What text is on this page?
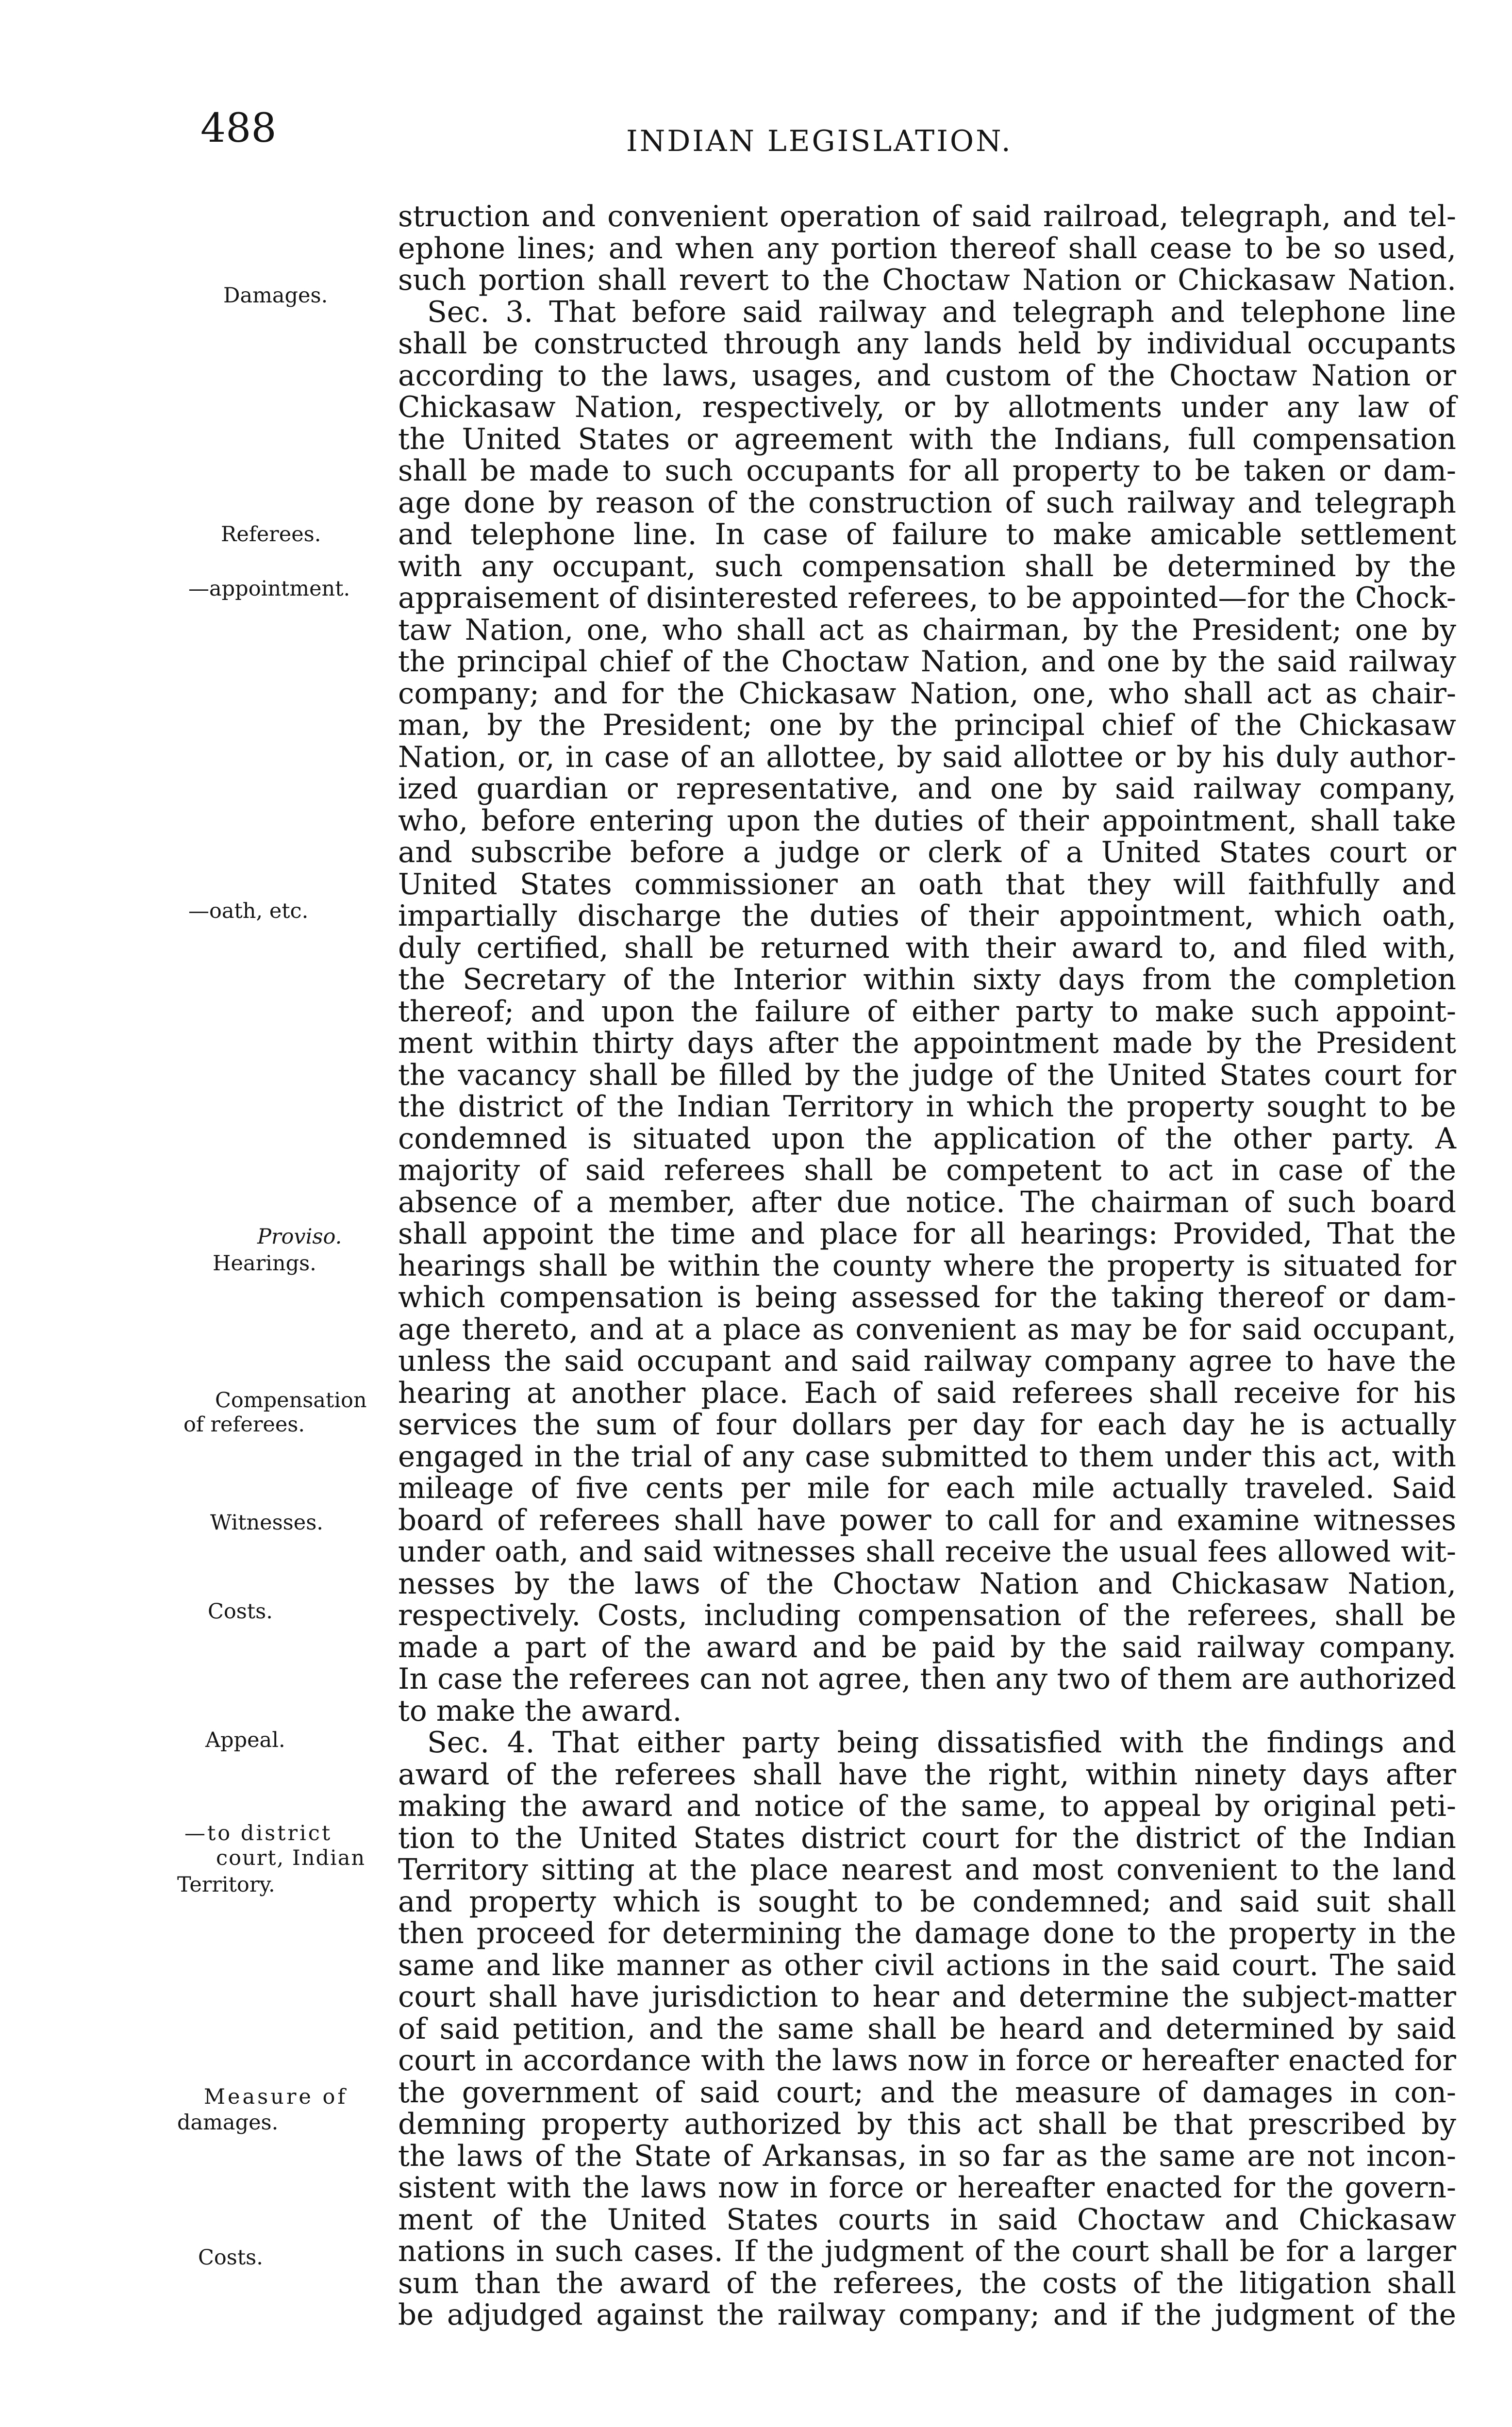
488	INDIAN LEGISLATION.
Damages.
Referees.
—appointment.
—oath, etc.
Proviso.
Hearings.
Compensation
of referees.
Witnesses.
Costs.
Appeal.
—to district
court, Indian
Territory.
Measure of
damages.
Costs.
struction and convenient operation of said railroad, telegraph, and tel-
ephone lines; and when any portion thereof shall cease to be so used,
such portion shall revert to the Choctaw Nation or Chickasaw Nation.
Sec. 3. That before said railway and telegraph and telephone line
shall be constructed through any lands held by individual occupants
according to the laws, usages, and custom of the Choctaw Nation or
Chickasaw Nation, respectively, or by allotments under any law of
the United States or agreement with the Indians, full compensation
shall be made to such occupants for all property to be taken or dam-
age done by reason of the construction of such railway and telegraph
and telephone line. In case of failure to make amicable settlement
with any occupant, such compensation shall be determined by the
appraisement of disinterested referees, to be appointed—for the Chock-
taw Nation, one, who shall act as chairman, by the President; one by
the principal chief of the Choctaw Nation, and one by the said railway
company; and for the Chickasaw Nation, one, who shall act as chair-
man, by the President; one by the principal chief of the Chickasaw
Nation, or, in case of an allottee, by said allottee or by his duly author-
ized guardian or representative, and one by said railway company,
who, before entering upon the duties of their appointment, shall take
and subscribe before a judge or clerk of a United States court or
United States commissioner an oath that they will faithfully and
impartially discharge the duties of their appointment, which oath,
duly certified, shall be returned with their award to, and filed with,
the Secretary of the Interior within sixty days from the completion
thereof; and upon the failure of either party to make such appoint-
ment within thirty days after the appointment made by the President
the vacancy shall be filled by the judge of the United States court for
the district of the Indian Territory in which the property sought to be
condemned is situated upon the application of the other party. A
majority of said referees shall be competent to act in case of the
absence of a member, after due notice. The chairman of such board
shall appoint the time and place for all hearings: Provided, That the
hearings shall be within the county where the property is situated for
which compensation is being assessed for the taking thereof or dam-
age thereto, and at a place as convenient as may be for said occupant,
unless the said occupant and said railway company agree to have the
hearing at another place. Each of said referees shall receive for his
services the sum of four dollars per day for each day he is actually
engaged in the trial of any case submitted to them under this act, with
mileage of five cents per mile for each mile actually traveled. Said
board of referees shall have power to call for and examine witnesses
under oath, and said witnesses shall receive the usual fees allowed wit-
nesses by the laws of the Choctaw Nation and Chickasaw Nation,
respectively. Costs, including compensation of the referees, shall be
made a part of the award and be paid by the said railway company.
In case the referees can not agree, then any two of them are authorized
to make the award.
Sec. 4. That either party being dissatisfied with the findings and
award of the referees shall have the right, within ninety days after
making the award and notice of the same, to appeal by original peti-
tion to the United States district court for the district of the Indian
Territory sitting at the place nearest and most convenient to the land
and property which is sought to be condemned; and said suit shall
then proceed for determining the damage done to the property in the
same and like manner as other civil actions in the said court. The said
court shall have jurisdiction to hear and determine the subject-matter
of said petition, and the same shall be heard and determined by said
court in accordance with the laws now in force or hereafter enacted for
the government of said court; and the measure of damages in con-
demning property authorized by this act shall be that prescribed by
the laws of the State of Arkansas, in so far as the same are not incon-
sistent with the laws now in force or hereafter enacted for the govern-
ment of the United States courts in said Choctaw and Chickasaw
nations in such cases. If the judgment of the court shall be for a larger
sum than the award of the referees, the costs of the litigation shall
be adjudged against the railway company; and if the judgment of the
